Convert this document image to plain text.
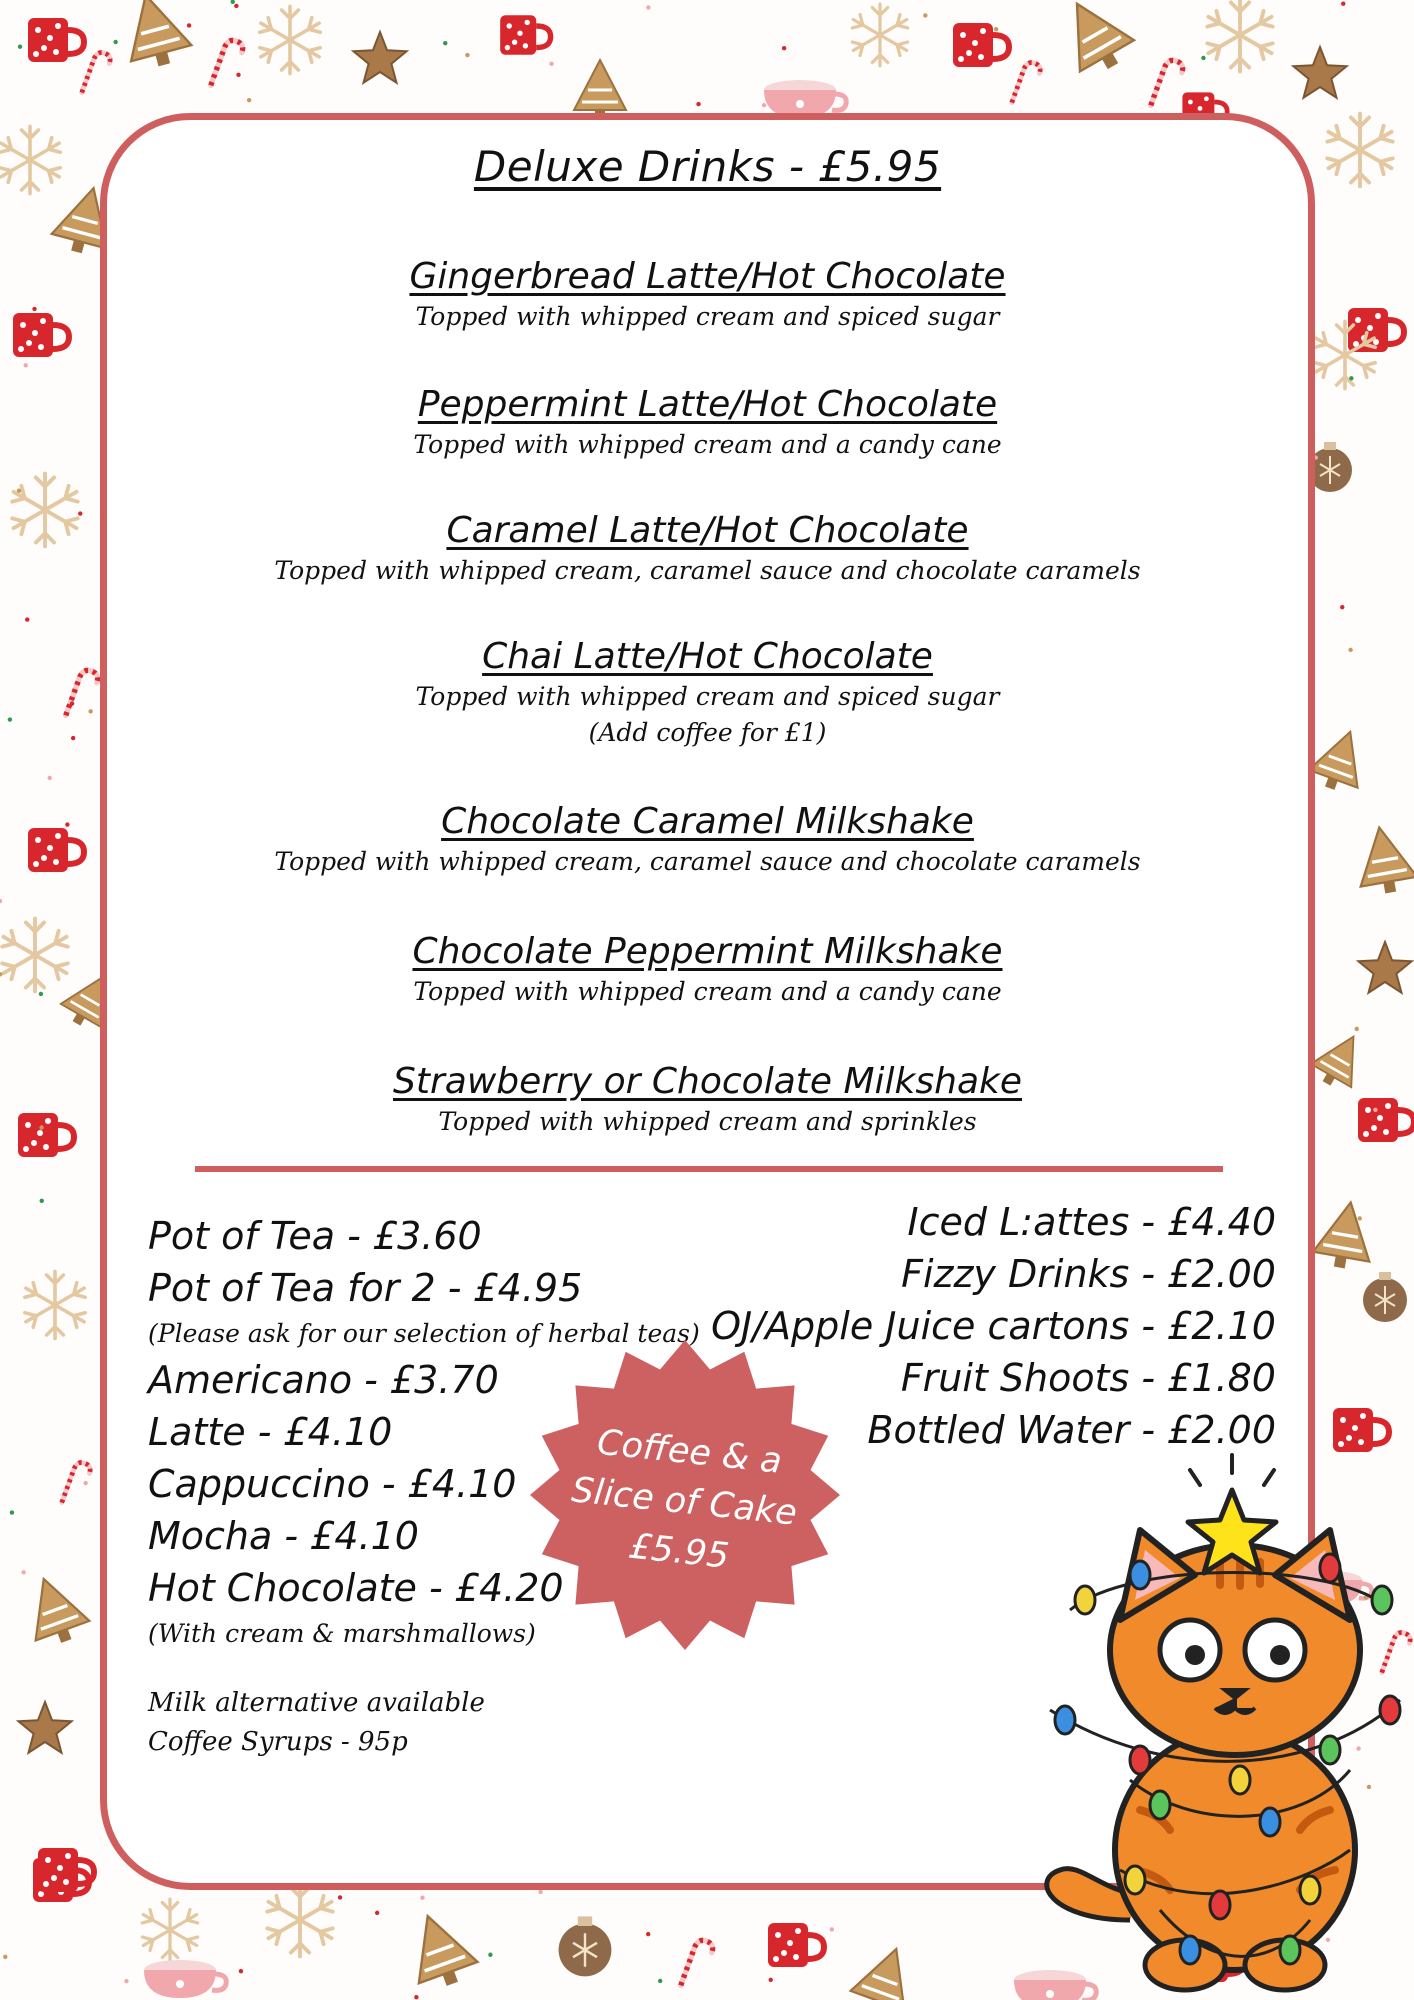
Deluxe Drinks - £5.95
Gingerbread Latte/Hot Chocolate
Topped with whipped cream and spiced sugar
Peppermint Latte/Hot Chocolate
Topped with whipped cream and a candy cane
Caramel Latte/Hot Chocolate
Topped with whipped cream, caramel sauce and chocolate caramels
Chai Latte/Hot Chocolate
Topped with whipped cream and spiced sugar
(Add coffee for £1)
Chocolate Caramel Milkshake
Topped with whipped cream, caramel sauce and chocolate caramels
Chocolate Peppermint Milkshake
Topped with whipped cream and a candy cane
Strawberry or Chocolate Milkshake
Topped with whipped cream and sprinkles
Pot of Tea - £3.60
Pot of Tea for 2 - £4.95
(Please ask for our selection of herbal teas)
Americano - £3.70
Latte - £4.10
Cappuccino - £4.10
Mocha - £4.10
Hot Chocolate - £4.20
(With cream & marshmallows)
Milk alternative available
Coffee Syrups - 95p
Iced L:attes - £4.40
Fizzy Drinks - £2.00
OJ/Apple Juice cartons - £2.10
Fruit Shoots - £1.80
Bottled Water - £2.00
Coffee & a
Slice of Cake
£5.95
